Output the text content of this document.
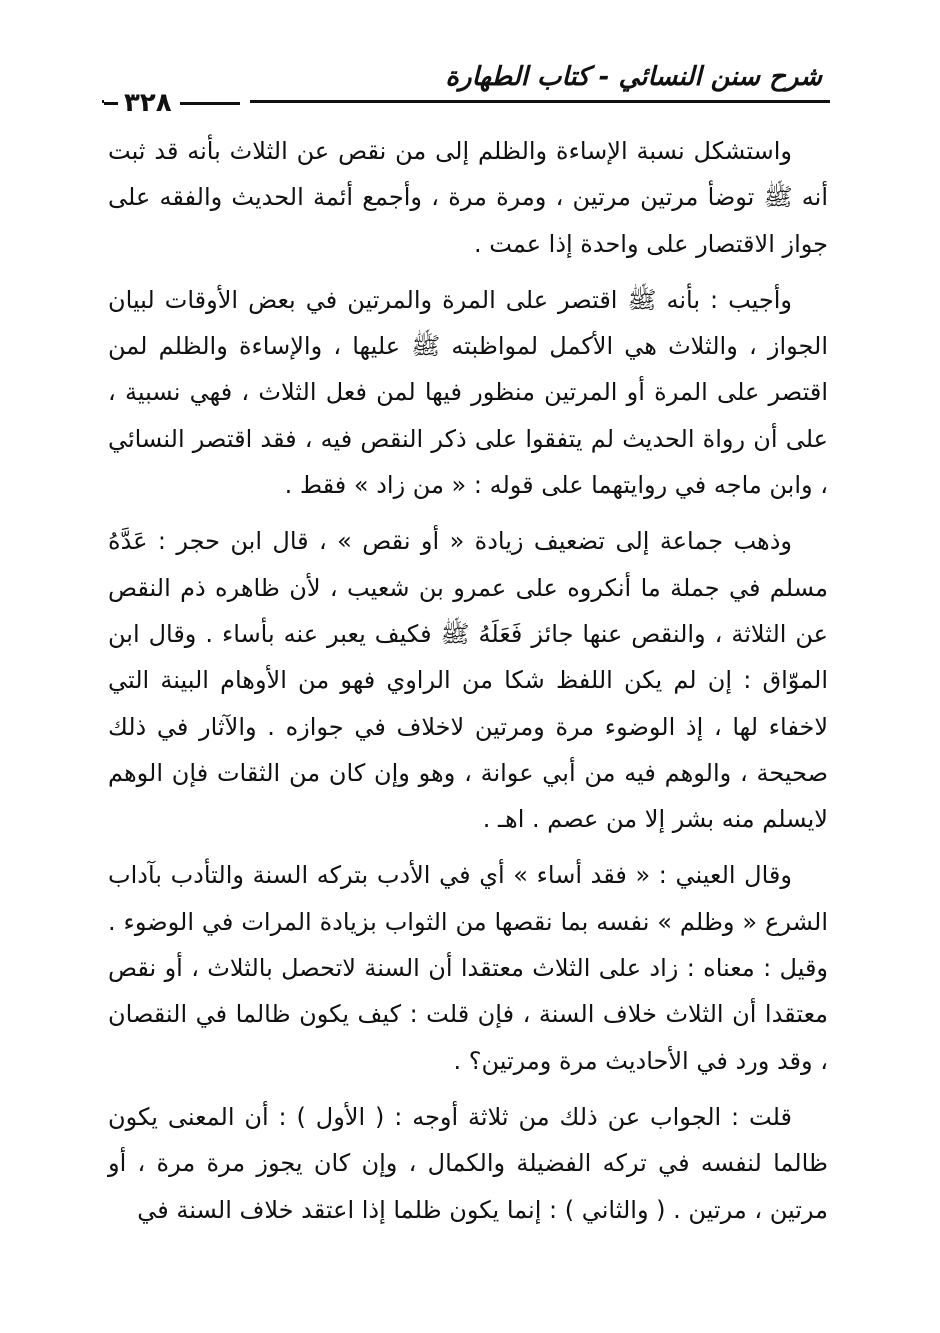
شرح سنن النسائي - كتاب الطهارة
٣٢٨

واستشكل نسبة الإساءة والظلم إلى من نقص عن الثلاث بأنه قد ثبت أنه ﷺ توضأ مرتين مرتين ، ومرة مرة ، وأجمع أئمة الحديث والفقه على جواز الاقتصار على واحدة إذا عمت .

وأجيب : بأنه ﷺ اقتصر على المرة والمرتين في بعض الأوقات لبيان الجواز ، والثلاث هي الأكمل لمواظبته ﷺ عليها ، والإساءة والظلم لمن اقتصر على المرة أو المرتين منظور فيها لمن فعل الثلاث ، فهي نسبية ، على أن رواة الحديث لم يتفقوا على ذكر النقص فيه ، فقد اقتصر النسائي ، وابن ماجه في روايتهما على قوله : « من زاد » فقط .

وذهب جماعة إلى تضعيف زيادة « أو نقص » ، قال ابن حجر : عَدَّهُ مسلم في جملة ما أنكروه على عمرو بن شعيب ، لأن ظاهره ذم النقص عن الثلاثة ، والنقص عنها جائز فَعَلَهُ ﷺ فكيف يعبر عنه بأساء . وقال ابن الموّاق : إن لم يكن اللفظ شكا من الراوي فهو من الأوهام البينة التي لاخفاء لها ، إذ الوضوء مرة ومرتين لاخلاف في جوازه . والآثار في ذلك صحيحة ، والوهم فيه من أبي عوانة ، وهو وإن كان من الثقات فإن الوهم لايسلم منه بشر إلا من عصم . اهـ .

وقال العيني : « فقد أساء » أي في الأدب بتركه السنة والتأدب بآداب الشرع « وظلم » نفسه بما نقصها من الثواب بزيادة المرات في الوضوء . وقيل : معناه : زاد على الثلاث معتقدا أن السنة لاتحصل بالثلاث ، أو نقص معتقدا أن الثلاث خلاف السنة ، فإن قلت : كيف يكون ظالما في النقصان ، وقد ورد في الأحاديث مرة ومرتين؟ .

قلت : الجواب عن ذلك من ثلاثة أوجه : ( الأول ) : أن المعنى يكون ظالما لنفسه في تركه الفضيلة والكمال ، وإن كان يجوز مرة مرة ، أو مرتين ، مرتين . ( والثاني ) : إنما يكون ظلما إذا اعتقد خلاف السنة في
